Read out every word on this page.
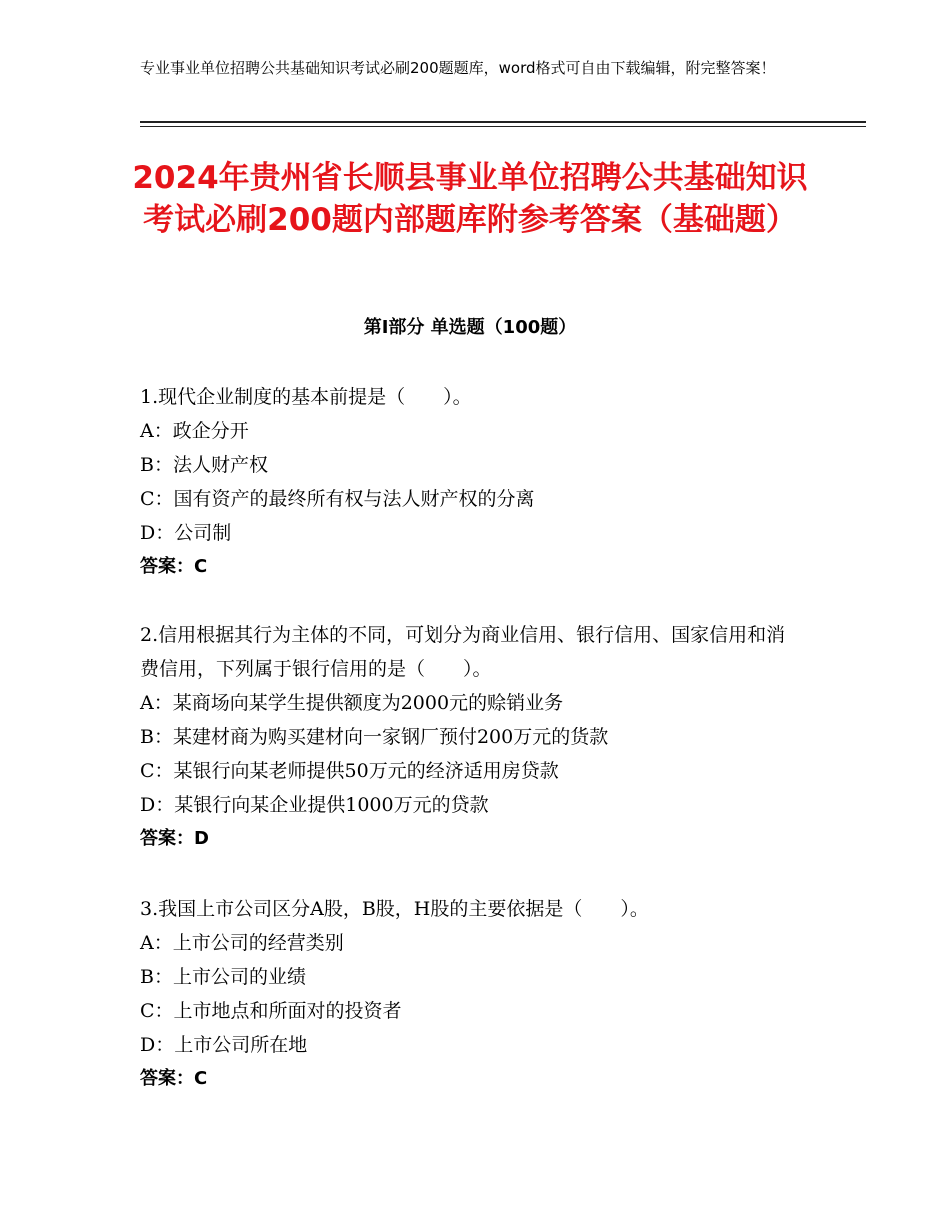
专业事业单位招聘公共基础知识考试必刷200题题库，word格式可自由下载编辑，附完整答案！
2024年贵州省长顺县事业单位招聘公共基础知识考试必刷200题内部题库附参考答案（基础题）
第Ⅰ部分 单选题（100题）

1.现代企业制度的基本前提是（　　）。

A：政企分开

B：法人财产权

C：国有资产的最终所有权与法人财产权的分离

D：公司制

答案：C

2.信用根据其行为主体的不同，可划分为商业信用、银行信用、国家信用和消费信用，下列属于银行信用的是（　　）。

A：某商场向某学生提供额度为2000元的赊销业务

B：某建材商为购买建材向一家钢厂预付200万元的货款

C：某银行向某老师提供50万元的经济适用房贷款

D：某银行向某企业提供1000万元的贷款

答案：D

3.我国上市公司区分A股，B股，H股的主要依据是（　　）。

A：上市公司的经营类别

B：上市公司的业绩

C：上市地点和所面对的投资者

D：上市公司所在地

答案：C
